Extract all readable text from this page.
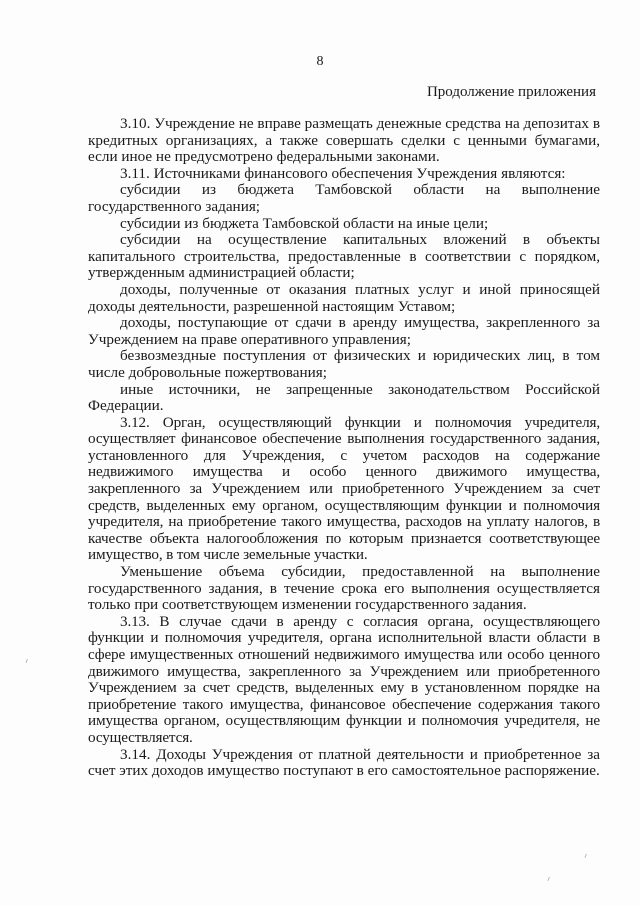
8
Продолжение приложения

3.10. Учреждение не вправе размещать денежные средства на депозитах в кредитных организациях, а также совершать сделки с ценными бумагами, если иное не предусмотрено федеральными законами.

3.11. Источниками финансового обеспечения Учреждения являются:

субсидии из бюджета Тамбовской области на выполнение государственного задания;

субсидии из бюджета Тамбовской области на иные цели;

субсидии на осуществление капитальных вложений в объекты капитального строительства, предоставленные в соответствии с порядком, утвержденным администрацией области;

доходы, полученные от оказания платных услуг и иной приносящей доходы деятельности, разрешенной настоящим Уставом;

доходы, поступающие от сдачи в аренду имущества, закрепленного за Учреждением на праве оперативного управления;

безвозмездные поступления от физических и юридических лиц, в том числе добровольные пожертвования;

иные источники, не запрещенные законодательством Российской Федерации.

3.12. Орган, осуществляющий функции и полномочия учредителя, осуществляет финансовое обеспечение выполнения государственного задания, установленного для Учреждения, с учетом расходов на содержание недвижимого имущества и особо ценного движимого имущества, закрепленного за Учреждением или приобретенного Учреждением за счет средств, выделенных ему органом, осуществляющим функции и полномочия учредителя, на приобретение такого имущества, расходов на уплату налогов, в качестве объекта налогообложения по которым признается соответствующее имущество, в том числе земельные участки.

Уменьшение объема субсидии, предоставленной на выполнение государственного задания, в течение срока его выполнения осуществляется только при соответствующем изменении государственного задания.

3.13. В случае сдачи в аренду с согласия органа, осуществляющего функции и полномочия учредителя, органа исполнительной власти области в сфере имущественных отношений недвижимого имущества или особо ценного движимого имущества, закрепленного за Учреждением или приобретенного Учреждением за счет средств, выделенных ему в установленном порядке на приобретение такого имущества, финансовое обеспечение содержания такого имущества органом, осуществляющим функции и полномочия учредителя, не осуществляется.

3.14. Доходы Учреждения от платной деятельности и приобретенное за счет этих доходов имущество поступают в его самостоятельное распоряжение.
